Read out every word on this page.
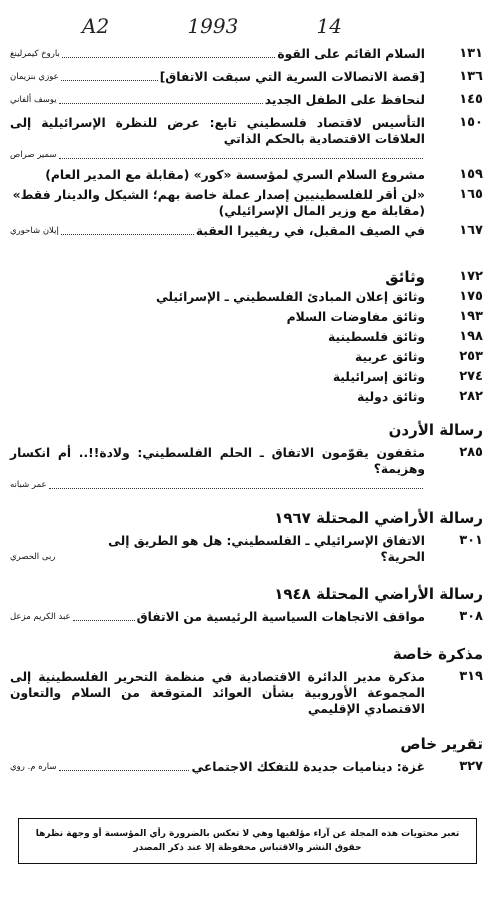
A2	1993	14
١٣١
السلام القائم على القوة
باروخ كيمرلينغ
١٣٦
[قصة الاتصالات السرية التي سبقت الاتفاق]
عوزي بنزيمان
١٤٥
لنحافظ على الطفل الجديد
يوسف ألفاني
١٥٠
التأسيس لاقتصاد فلسطيني تابع: عرض للنظرة الإسرائيلية إلى العلاقات الاقتصادية بالحكم الذاتي
سمير صراص
١٥٩
مشروع السلام السري لمؤسسة «كور» (مقابلة مع المدير العام)
١٦٥
«لن أقر للفلسطينيين إصدار عملة خاصة بهم؛ الشيكل والدينار فقط» (مقابلة مع وزير المال الإسرائيلي)
١٦٧
في الصيف المقبل، في ريفييرا العقبة
إيلان شاحوري
١٧٢
وثائق
١٧٥
وثائق إعلان المبادئ الفلسطيني ـ الإسرائيلي
١٩٣
وثائق مفاوضات السلام
١٩٨
وثائق فلسطينية
٢٥٣
وثائق عربية
٢٧٤
وثائق إسرائيلية
٢٨٢
وثائق دولية
رسالة الأردن
٢٨٥
مثقفون يقوّمون الاتفاق ـ الحلم الفلسطيني: ولادة!!.. أم انكسار وهزيمة؟
عمر شبانه
رسالة الأراضي المحتلة ١٩٦٧
٣٠١
الاتفاق الإسرائيلي ـ الفلسطيني: هل هو الطريق إلى الحرية؟
ربى الحصري
رسالة الأراضي المحتلة ١٩٤٨
٣٠٨
مواقف الاتجاهات السياسية الرئيسية من الاتفاق
عبد الكريم مزعل
مذكرة خاصة
٣١٩
مذكرة مدير الدائرة الاقتصادية في منظمة التحرير الفلسطينية إلى المجموعة الأوروبية بشأن العوائد المتوقعة من السلام والتعاون الاقتصادي الإقليمي
تقرير خاص
٣٢٧
غزة: ديناميات جديدة للتفكك الاجتماعي
ساره م. روي
تعبر محتويات هذه المجلة عن آراء مؤلفيها وهي لا تعكس بالضرورة رأي المؤسسة أو وجهة نظرها
حقوق النشر والاقتباس محفوظة إلا عند ذكر المصدر
